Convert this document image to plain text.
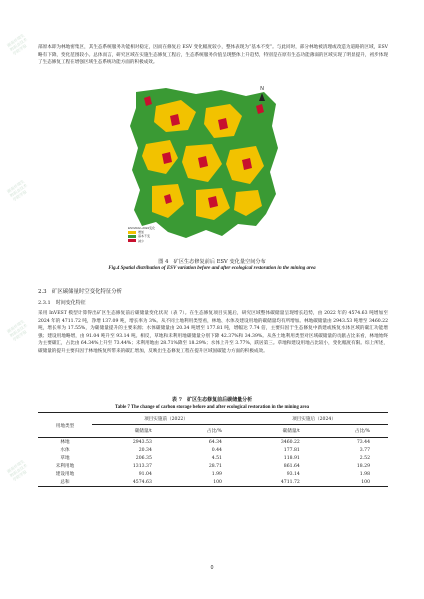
湖南环境生物职业技术学院学报
湖南环境生物职业技术学院学报
湖南环境生物职业技术学院学报
湖南环境生物职业技术学院学报

部原本即为林地密集区，其生态系统服务功能相对稳定，因而在修复后 ESV 变化幅度较小，整体表现为“基本不变”。与此同时，部分林地被清理或改造为道路的区域，ESV 略有下降，变化范围较小。总体而言，研究区域在实施生态修复工程后，生态系统服务价值呈现整体上升趋势，特别是在原有生态功能薄弱的区域实现了明显提升，初步体现了生态修复工程在增强区域生态系统功能方面的积极成效。

N
ESV2022~2024变化
增加
基本不变
减少
图 4　矿区生态修复前后 ESV 变化量空间分布
Fig.4 Spatial distribution of ESV variation before and after ecological restoration in the mining area
2.3　矿区碳储量时空变化特征分析
2.3.1　时间变化特征

采用 InVEST 模型计算得出矿区生态修复前后碳储量变化状况（表 7）。在生态修复项目实施后，研究区域整体碳储量呈现增长趋势，由 2022 年的 4574.63 吨增加至 2024 年的 4711.72 吨，净增 137.09 吨，增长率为 3%。从不同土地利用类型看，林地、水体及建设用地的碳储量均有所增加。林地碳储量由 2943.53 吨增至 3460.22 吨，增长率为 17.55%，为碳储量提升的主要来源；水体碳储量由 20.34 吨增至 177.81 吨，增幅达 7.74 倍，主要归因于生态修复中新建或恢复水体区域的碳汇功能增强；建设用地略增，由 91.04 吨升至 93.14 吨。相反，草地和未利用地碳储量分别下降 42.37%和 34.39%。从各土地利用类型对区域碳储量的贡献占比来看，林地始终为主要碳汇，占比由 64.34%上升至 73.44%；未利用地由 28.71%降至 18.29%；水体上升至 3.77%，跃居第三。草地和建设用地占比较小，变化幅度有限。综上所述，碳储量的提升主要归因于林地恢复所带来的碳汇增加，反映出生态修复工程在提升区域固碳能力方面的积极成效。

表 7　矿区生态修复前后碳储量分析
Table 7 The change of carbon storage before and after ecological restoration in the mining area
用地类型	项目实施前（2022）		项目实施后（2024）	
	碳储量/t	占比/%	碳储量/t	占比/%
林地	2943.53	64.34	3460.22	73.44
水体	20.34	0.44	177.81	3.77
草地	206.35	4.51	118.91	2.52
未利用地	1313.37	28.71	861.64	18.29
建设用地	91.04	1.99	93.14	1.98
总和	4574.63	100	4711.72	100
0
